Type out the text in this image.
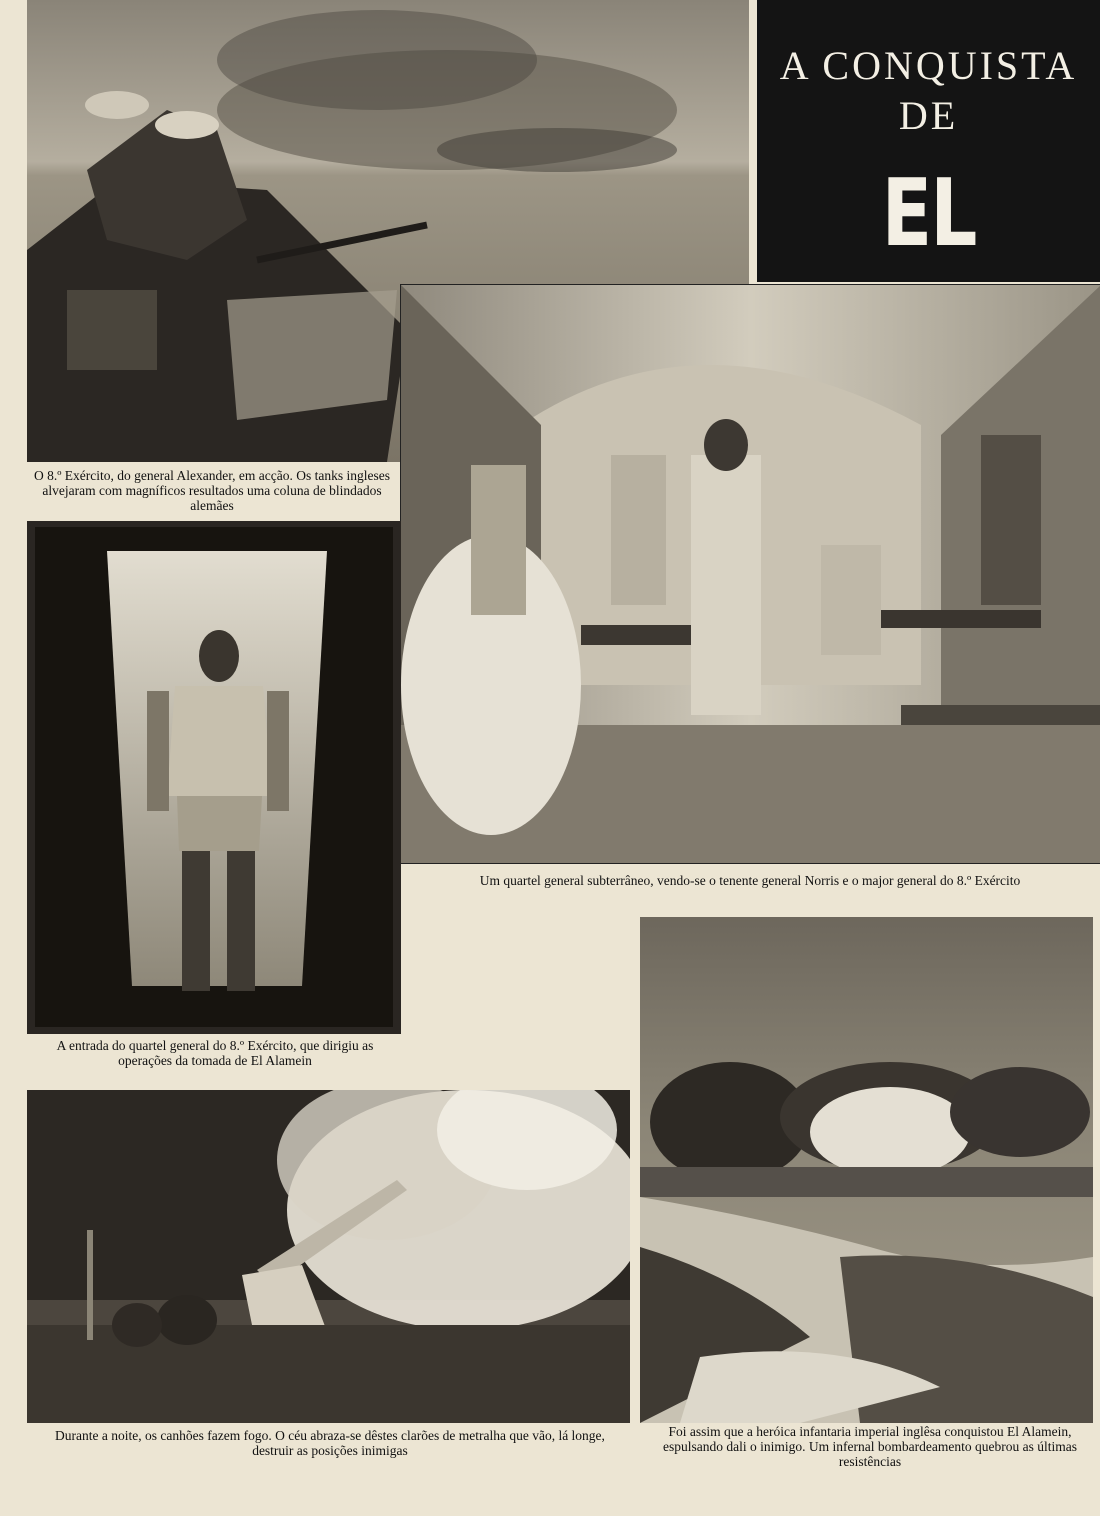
O 8.º Exército, do general Alexander, em acção. Os tanks ingleses alvejaram com magníficos resultados uma coluna de blindados alemães

A CONQUISTA
DE
EL

Um quartel general subterrâneo, vendo-se o tenente general Norris e o major general do 8.º Exército

A entrada do quartel general do 8.º Exército, que dirigiu as operações da tomada de El Alamein

Durante a noite, os canhões fazem fogo. O céu abraza-se dêstes clarões de metralha que vão, lá longe, destruir as posições inimigas

Foi assim que a heróica infantaria imperial inglêsa conquistou El Alamein, espulsando dali o inimigo. Um infernal bombardeamento quebrou as últimas resistências
